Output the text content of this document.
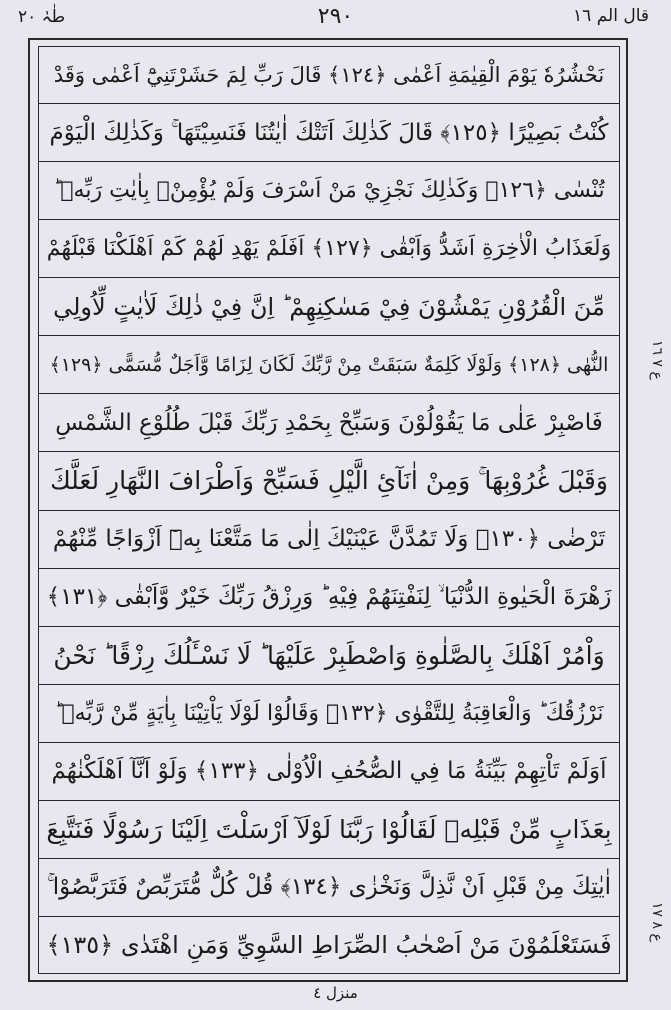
طٰہٰ ٢٠	٢٩٠	قال الم ١٦
نَحْشُرُهٗ يَوْمَ الْقِيٰمَةِ اَعْمٰى ﴿١٢٤﴾ قَالَ رَبِّ لِمَ حَشَرْتَنِيْٓ اَعْمٰى وَقَدْ
كُنْتُ بَصِيْرًا ﴿١٢٥﴾ قَالَ كَذٰلِكَ اَتَتْكَ اٰيٰتُنَا فَنَسِيْتَهَا ۚ وَكَذٰلِكَ الْيَوْمَ
تُنْسٰى ﴿١٢٦﴾ وَكَذٰلِكَ نَجْزِيْ مَنْ اَسْرَفَ وَلَمْ يُؤْمِنْۢ بِاٰيٰتِ رَبِّهٖ ؕ
وَلَعَذَابُ الْاٰخِرَةِ اَشَدُّ وَاَبْقٰى ﴿١٢٧﴾ اَفَلَمْ يَهْدِ لَهُمْ كَمْ اَهْلَكْنَا قَبْلَهُمْ
مِّنَ الْقُرُوْنِ يَمْشُوْنَ فِيْ مَسٰكِنِهِمْ ؕ اِنَّ فِيْ ذٰلِكَ لَاٰيٰتٍ لِّاُولِي
النُّهٰى ﴿١٢٨﴾ وَلَوْلَا كَلِمَةٌ سَبَقَتْ مِنْ رَّبِّكَ لَكَانَ لِزَامًا وَّاَجَلٌ مُّسَمًّى ﴿١٢٩﴾
فَاصْبِرْ عَلٰى مَا يَقُوْلُوْنَ وَسَبِّحْ بِحَمْدِ رَبِّكَ قَبْلَ طُلُوْعِ الشَّمْسِ
وَقَبْلَ غُرُوْبِهَا ۚ وَمِنْ اٰنَآئِ الَّيْلِ فَسَبِّحْ وَاَطْرَافَ النَّهَارِ لَعَلَّكَ
تَرْضٰى ﴿١٣٠﴾ وَلَا تَمُدَّنَّ عَيْنَيْكَ اِلٰى مَا مَتَّعْنَا بِهٖٓ اَزْوَاجًا مِّنْهُمْ
زَهْرَةَ الْحَيٰوةِ الدُّنْيَا ۙ لِنَفْتِنَهُمْ فِيْهِ ؕ وَرِزْقُ رَبِّكَ خَيْرٌ وَّاَبْقٰى ﴿١٣١﴾
وَاْمُرْ اَهْلَكَ بِالصَّلٰوةِ وَاصْطَبِرْ عَلَيْهَا ؕ لَا نَسْـَٔلُكَ رِزْقًا ؕ نَحْنُ
نَرْزُقُكَ ؕ وَالْعَاقِبَةُ لِلتَّقْوٰى ﴿١٣٢﴾ وَقَالُوْا لَوْلَا يَاْتِيْنَا بِاٰيَةٍ مِّنْ رَّبِّهٖ ؕ
اَوَلَمْ تَاْتِهِمْ بَيِّنَةُ مَا فِي الصُّحُفِ الْاُوْلٰى ﴿١٣٣﴾ وَلَوْ اَنَّآ اَهْلَكْنٰهُمْ
بِعَذَابٍ مِّنْ قَبْلِهٖ لَقَالُوْا رَبَّنَا لَوْلَآ اَرْسَلْتَ اِلَيْنَا رَسُوْلًا فَنَتَّبِعَ
اٰيٰتِكَ مِنْ قَبْلِ اَنْ نَّذِلَّ وَنَخْزٰى ﴿١٣٤﴾ قُلْ كُلٌّ مُّتَرَبِّصٌ فَتَرَبَّصُوْا ۚ
فَسَتَعْلَمُوْنَ مَنْ اَصْحٰبُ الصِّرَاطِ السَّوِيِّ وَمَنِ اهْتَدٰى ﴿١٣٥﴾
ع ٧ ١٦
ع ٨ ١٧
منزل ٤
